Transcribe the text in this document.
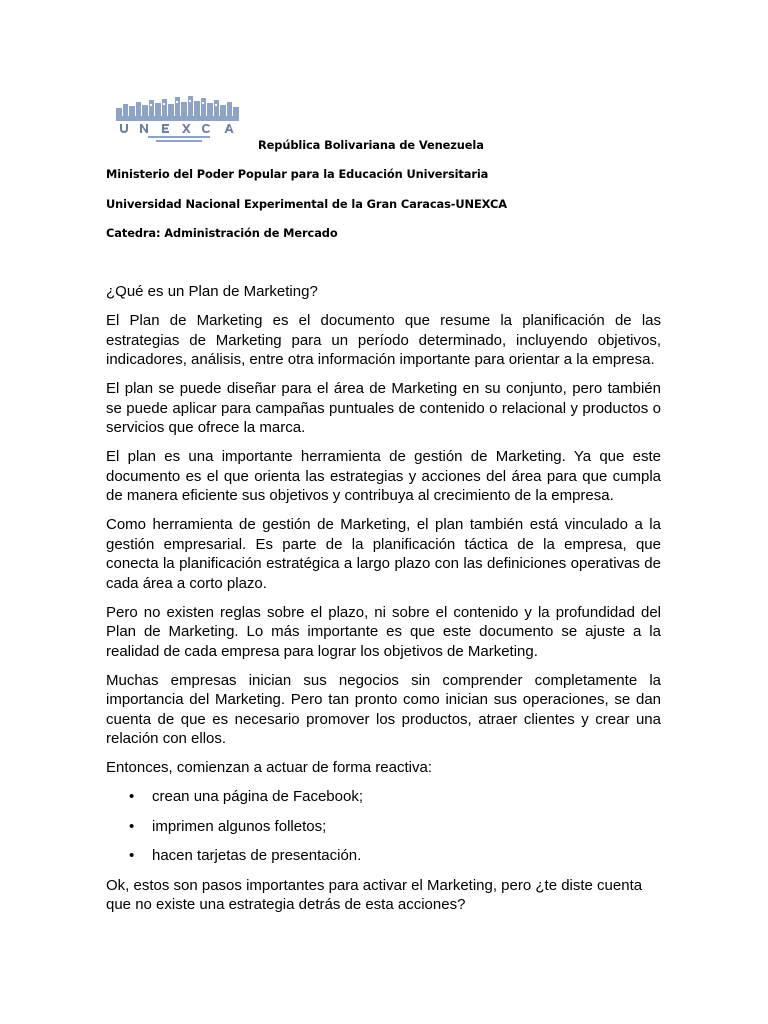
República Bolivariana de Venezuela
Ministerio del Poder Popular para la Educación Universitaria
Universidad Nacional Experimental de la Gran Caracas-UNEXCA
Catedra: Administración de Mercado

¿Qué es un Plan de Marketing?

El Plan de Marketing es el documento que resume la planificación de las estrategias de Marketing para un período determinado, incluyendo objetivos, indicadores, análisis, entre otra información importante para orientar a la empresa.

El plan se puede diseñar para el área de Marketing en su conjunto, pero también se puede aplicar para campañas puntuales de contenido o relacional y productos o servicios que ofrece la marca.

El plan es una importante herramienta de gestión de Marketing. Ya que este documento es el que orienta las estrategias y acciones del área para que cumpla de manera eficiente sus objetivos y contribuya al crecimiento de la empresa.

Como herramienta de gestión de Marketing, el plan también está vinculado a la gestión empresarial. Es parte de la planificación táctica de la empresa, que conecta la planificación estratégica a largo plazo con las definiciones operativas de cada área a corto plazo.

Pero no existen reglas sobre el plazo, ni sobre el contenido y la profundidad del Plan de Marketing. Lo más importante es que este documento se ajuste a la realidad de cada empresa para lograr los objetivos de Marketing.

Muchas empresas inician sus negocios sin comprender completamente la importancia del Marketing. Pero tan pronto como inician sus operaciones, se dan cuenta de que es necesario promover los productos, atraer clientes y crear una relación con ellos.

Entonces, comienzan a actuar de forma reactiva:

• crean una página de Facebook;
• imprimen algunos folletos;
• hacen tarjetas de presentación.

Ok, estos son pasos importantes para activar el Marketing, pero ¿te diste cuenta que no existe una estrategia detrás de esta acciones?
